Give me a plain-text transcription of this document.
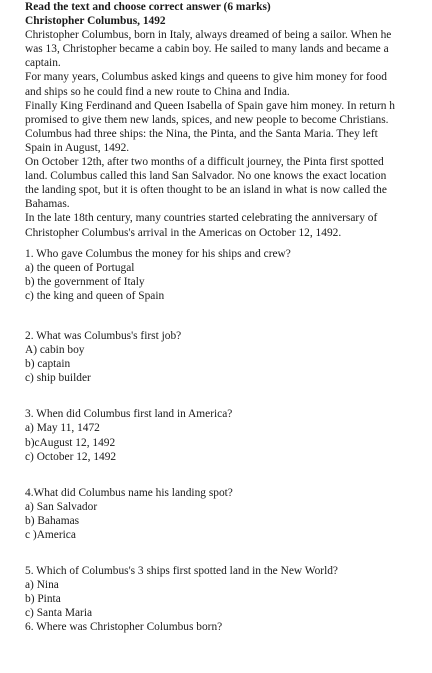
Read the text and choose correct answer (6 marks)
Christopher Columbus, 1492
Christopher Columbus, born in Italy, always dreamed of being a sailor. When he
was 13, Christopher became a cabin boy. He sailed to many lands and became a
captain.
For many years, Columbus asked kings and queens to give him money for food
and ships so he could find a new route to China and India.
Finally King Ferdinand and Queen Isabella of Spain gave him money. In return h
promised to give them new lands, spices, and new people to become Christians.
Columbus had three ships: the Nina, the Pinta, and the Santa Maria. They left
Spain in August, 1492.
On October 12th, after two months of a difficult journey, the Pinta first spotted
land. Columbus called this land San Salvador. No one knows the exact location
the landing spot, but it is often thought to be an island in what is now called the
Bahamas.
In the late 18th century, many countries started celebrating the anniversary of
Christopher Columbus's arrival in the Americas on October 12, 1492.
1. Who gave Columbus the money for his ships and crew?
a) the queen of Portugal
b) the government of Italy
c) the king and queen of Spain
2. What was Columbus's first job?
A) cabin boy
b) captain
c) ship builder
3. When did Columbus first land in America?
a) May 11, 1472
b)cAugust 12, 1492
c) October 12, 1492
4.What did Columbus name his landing spot?
a) San Salvador
b) Bahamas
c )America
5. Which of Columbus's 3 ships first spotted land in the New World?
a) Nina
b) Pinta
c) Santa Maria
6. Where was Christopher Columbus born?
